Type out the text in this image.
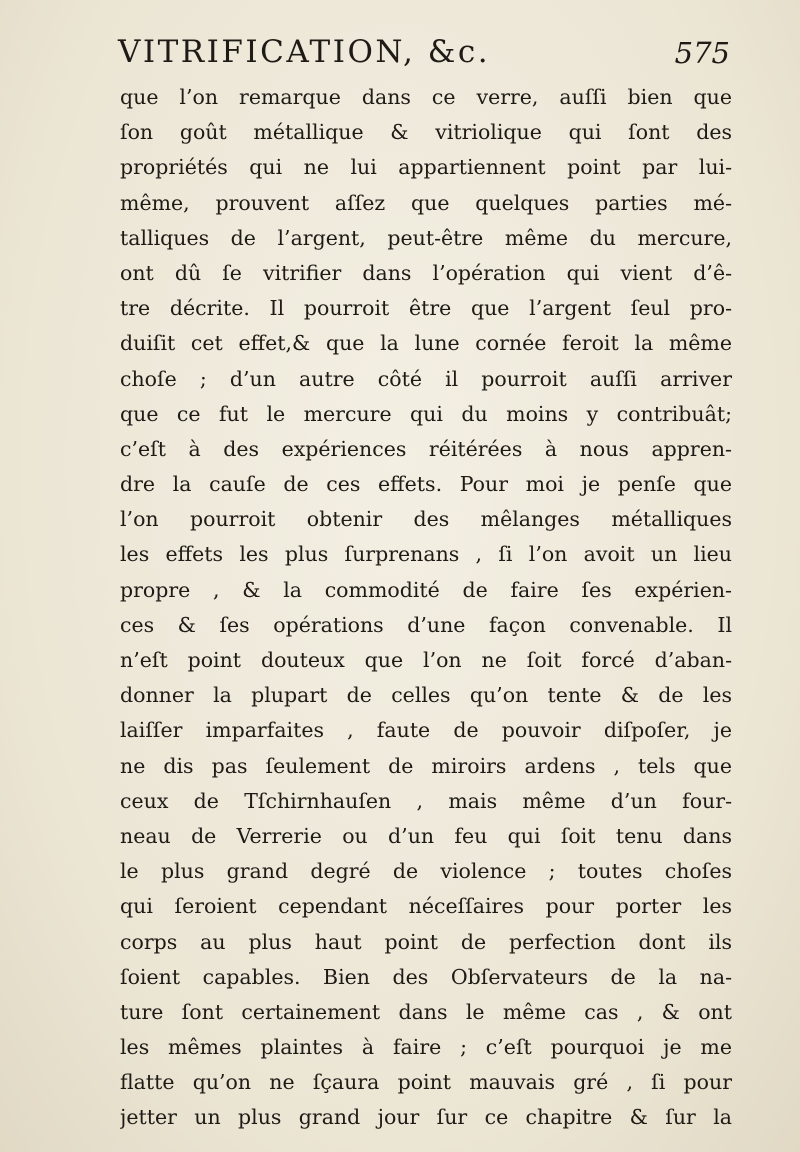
VITRIFICATION, &c.	575
que l’on remarque dans ce verre, auſſi bien que
ſon goût métallique & vitriolique qui ſont des
propriétés qui ne lui appartiennent point par lui-
même, prouvent aſſez que quelques parties mé-
talliques de l’argent, peut-être même du mercure,
ont dû ſe vitrifier dans l’opération qui vient d’ê-
tre décrite. Il pourroit être que l’argent ſeul pro-
duiſit cet effet,& que la lune cornée feroit la même
choſe ; d’un autre côté il pourroit auſſi arriver
que ce fut le mercure qui du moins y contribuât;
c’eſt à des expériences réitérées à nous appren-
dre la cauſe de ces effets. Pour moi je penſe que
l’on pourroit obtenir des mêlanges métalliques
les effets les plus ſurprenans , ſi l’on avoit un lieu
propre , & la commodité de faire ſes expérien-
ces & ſes opérations d’une façon convenable. Il
n’eſt point douteux que l’on ne ſoit forcé d’aban-
donner la plupart de celles qu’on tente & de les
laiſſer imparfaites , faute de pouvoir diſpoſer, je
ne dis pas ſeulement de miroirs ardens , tels que
ceux de Tſchirnhauſen , mais même d’un four-
neau de Verrerie ou d’un feu qui ſoit tenu dans
le plus grand degré de violence ; toutes choſes
qui ſeroient cependant néceſſaires pour porter les
corps au plus haut point de perfection dont ils
ſoient capables. Bien des Obſervateurs de la na-
ture ſont certainement dans le même cas , & ont
les mêmes plaintes à faire ; c’eſt pourquoi je me
flatte qu’on ne ſçaura point mauvais gré , ſi pour
jetter un plus grand jour ſur ce chapitre & ſur la
